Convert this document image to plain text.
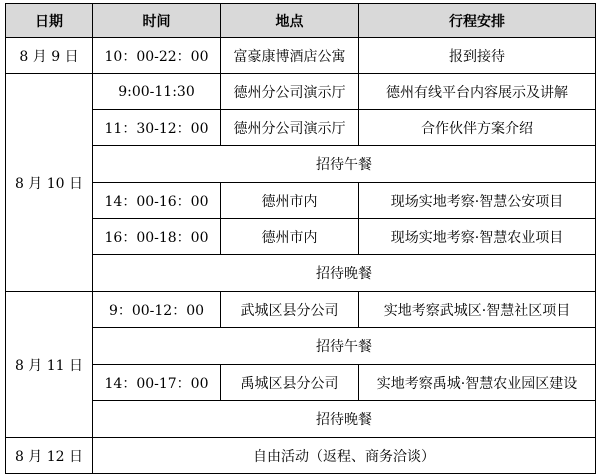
日期	时间	地点	行程安排
8 月 9 日	10：00-22：00	富豪康博酒店公寓	报到接待
8 月 10 日	9:00-11:30	德州分公司演示厅	德州有线平台内容展示及讲解
	11：30-12：00	德州分公司演示厅	合作伙伴方案介绍
	招待午餐		
	14：00-16：00	德州市内	现场实地考察·智慧公安项目
	16：00-18：00	德州市内	现场实地考察·智慧农业项目
	招待晚餐		
8 月 11 日	9：00-12：00	武城区县分公司	实地考察武城区·智慧社区项目
	招待午餐		
	14：00-17：00	禹城区县分公司	实地考察禹城·智慧农业园区建设
	招待晚餐		
8 月 12 日	自由活动（返程、商务洽谈）		
